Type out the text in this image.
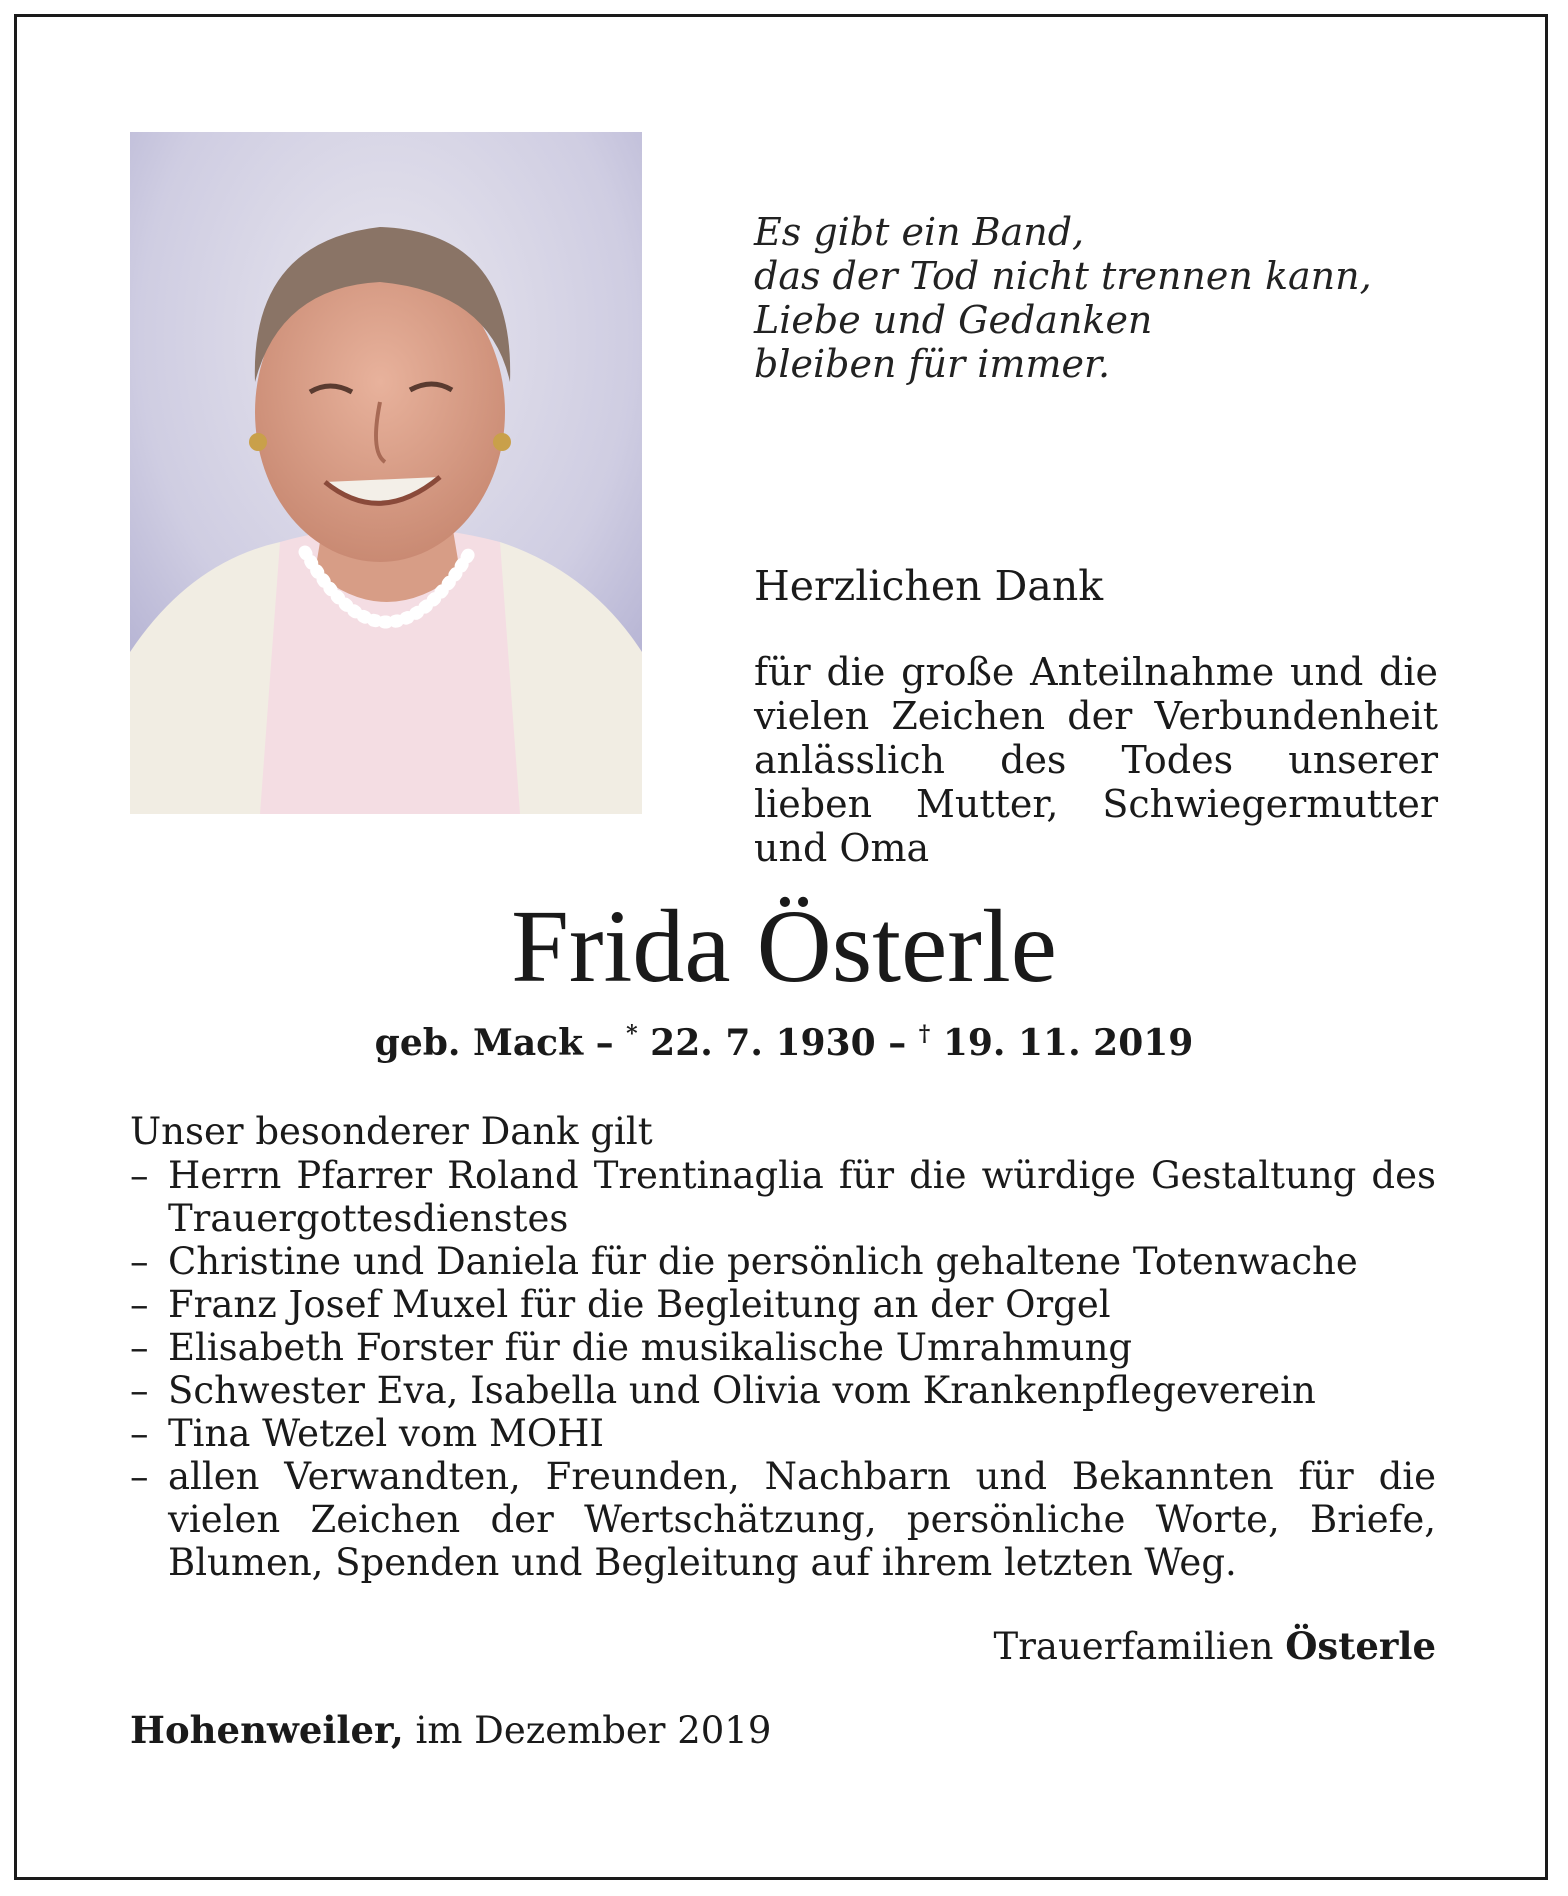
Es gibt ein Band,
das der Tod nicht trennen kann,
Liebe und Gedanken
bleiben für immer.
Herzlichen Dank
für die große Anteilnahme und die vielen Zeichen der Verbundenheit anlässlich des Todes unserer lieben Mutter, Schwiegermutter und Oma
Frida Österle
geb. Mack – * 22. 7. 1930 – † 19. 11. 2019
Unser besonderer Dank gilt
– Herrn Pfarrer Roland Trentinaglia für die würdige Gestaltung des Trauergottesdienstes
– Christine und Daniela für die persönlich gehaltene Totenwache
– Franz Josef Muxel für die Begleitung an der Orgel
– Elisabeth Forster für die musikalische Umrahmung
– Schwester Eva, Isabella und Olivia vom Krankenpflegeverein
– Tina Wetzel vom MOHI
– allen Verwandten, Freunden, Nachbarn und Bekannten für die vielen Zeichen der Wertschätzung, persönliche Worte, Briefe, Blumen, Spenden und Begleitung auf ihrem letzten Weg.
Trauerfamilien Österle
Hohenweiler, im Dezember 2019
